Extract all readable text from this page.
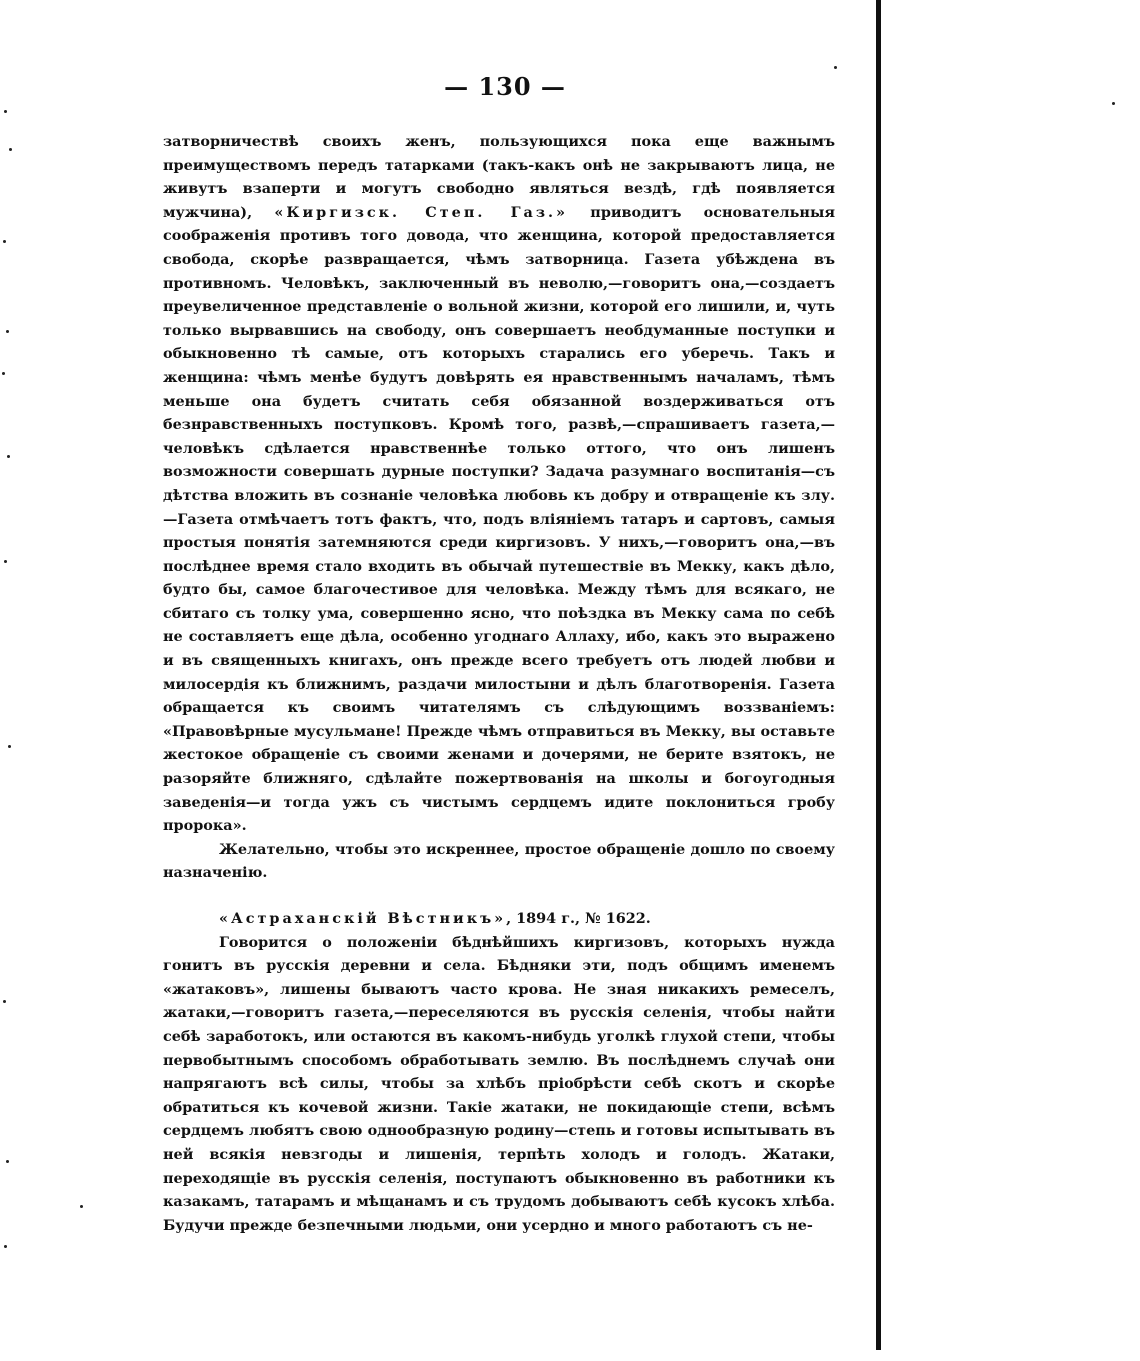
— 130 —

затворничествѣ своихъ женъ, пользующихся пока еще важнымъ преимуществомъ передъ татарками (такъ-какъ онѣ не закрываютъ лица, не живутъ взаперти и могутъ свободно являться вездѣ, гдѣ появляется мужчина), «Киргизск. Степ. Газ.» приводитъ основательныя соображенія противъ того довода, что женщина, которой предоставляется свобода, скорѣе развращается, чѣмъ затворница. Газета убѣждена въ противномъ. Человѣкъ, заключенный въ неволю,—говоритъ она,—создаетъ преувеличенное представленіе о вольной жизни, которой его лишили, и, чуть только вырвавшись на свободу, онъ совершаетъ необдуманные поступки и обыкновенно тѣ самые, отъ которыхъ старались его уберечь. Такъ и женщина: чѣмъ менѣе будутъ довѣрять ея нравственнымъ началамъ, тѣмъ меньше она будетъ считать себя обязанной воздерживаться отъ безнравственныхъ поступковъ. Кромѣ того, развѣ,—спрашиваетъ газета,—человѣкъ сдѣлается нравственнѣе только оттого, что онъ лишенъ возможности совершать дурные поступки? Задача разумнаго воспитанія—съ дѣтства вложить въ сознаніе человѣка любовь къ добру и отвращеніе къ злу.—Газета отмѣчаетъ тотъ фактъ, что, подъ вліяніемъ татаръ и сартовъ, самыя простыя понятія затемняются среди киргизовъ. У нихъ,—говоритъ она,—въ послѣднее время стало входить въ обычай путешествіе въ Мекку, какъ дѣло, будто бы, самое благочестивое для человѣка. Между тѣмъ для всякаго, не сбитаго съ толку ума, совершенно ясно, что поѣздка въ Мекку сама по себѣ не составляетъ еще дѣла, особенно угоднаго Аллаху, ибо, какъ это выражено и въ священныхъ книгахъ, онъ прежде всего требуетъ отъ людей любви и милосердія къ ближнимъ, раздачи милостыни и дѣлъ благотворенія. Газета обращается къ своимъ читателямъ съ слѣдующимъ воззваніемъ: «Правовѣрные мусульмане! Прежде чѣмъ отправиться въ Мекку, вы оставьте жестокое обращеніе съ своими женами и дочерями, не берите взятокъ, не разоряйте ближняго, сдѣлайте пожертвованія на школы и богоугодныя заведенія—и тогда ужъ съ чистымъ сердцемъ идите поклониться гробу пророка».

Желательно, чтобы это искреннее, простое обращеніе дошло по своему назначенію.

«Астраханскій Вѣстникъ», 1894 г., № 1622.

Говорится о положеніи бѣднѣйшихъ киргизовъ, которыхъ нужда гонитъ въ русскія деревни и села. Бѣдняки эти, подъ общимъ именемъ «жатаковъ», лишены бываютъ часто крова. Не зная никакихъ ремеселъ, жатаки,—говоритъ газета,—переселяются въ русскія селенія, чтобы найти себѣ заработокъ, или остаются въ какомъ-нибудь уголкѣ глухой степи, чтобы первобытнымъ способомъ обработывать землю. Въ послѣднемъ случаѣ они напрягаютъ всѣ силы, чтобы за хлѣбъ пріобрѣсти себѣ скотъ и скорѣе обратиться къ кочевой жизни. Такіе жатаки, не покидающіе степи, всѣмъ сердцемъ любятъ свою однообразную родину—степь и готовы испытывать въ ней всякія невзгоды и лишенія, терпѣть холодъ и голодъ. Жатаки, переходящіе въ русскія селенія, поступаютъ обыкновенно въ работники къ казакамъ, татарамъ и мѣщанамъ и съ трудомъ добываютъ себѣ кусокъ хлѣба. Будучи прежде безпечными людьми, они усердно и много работаютъ съ не-
